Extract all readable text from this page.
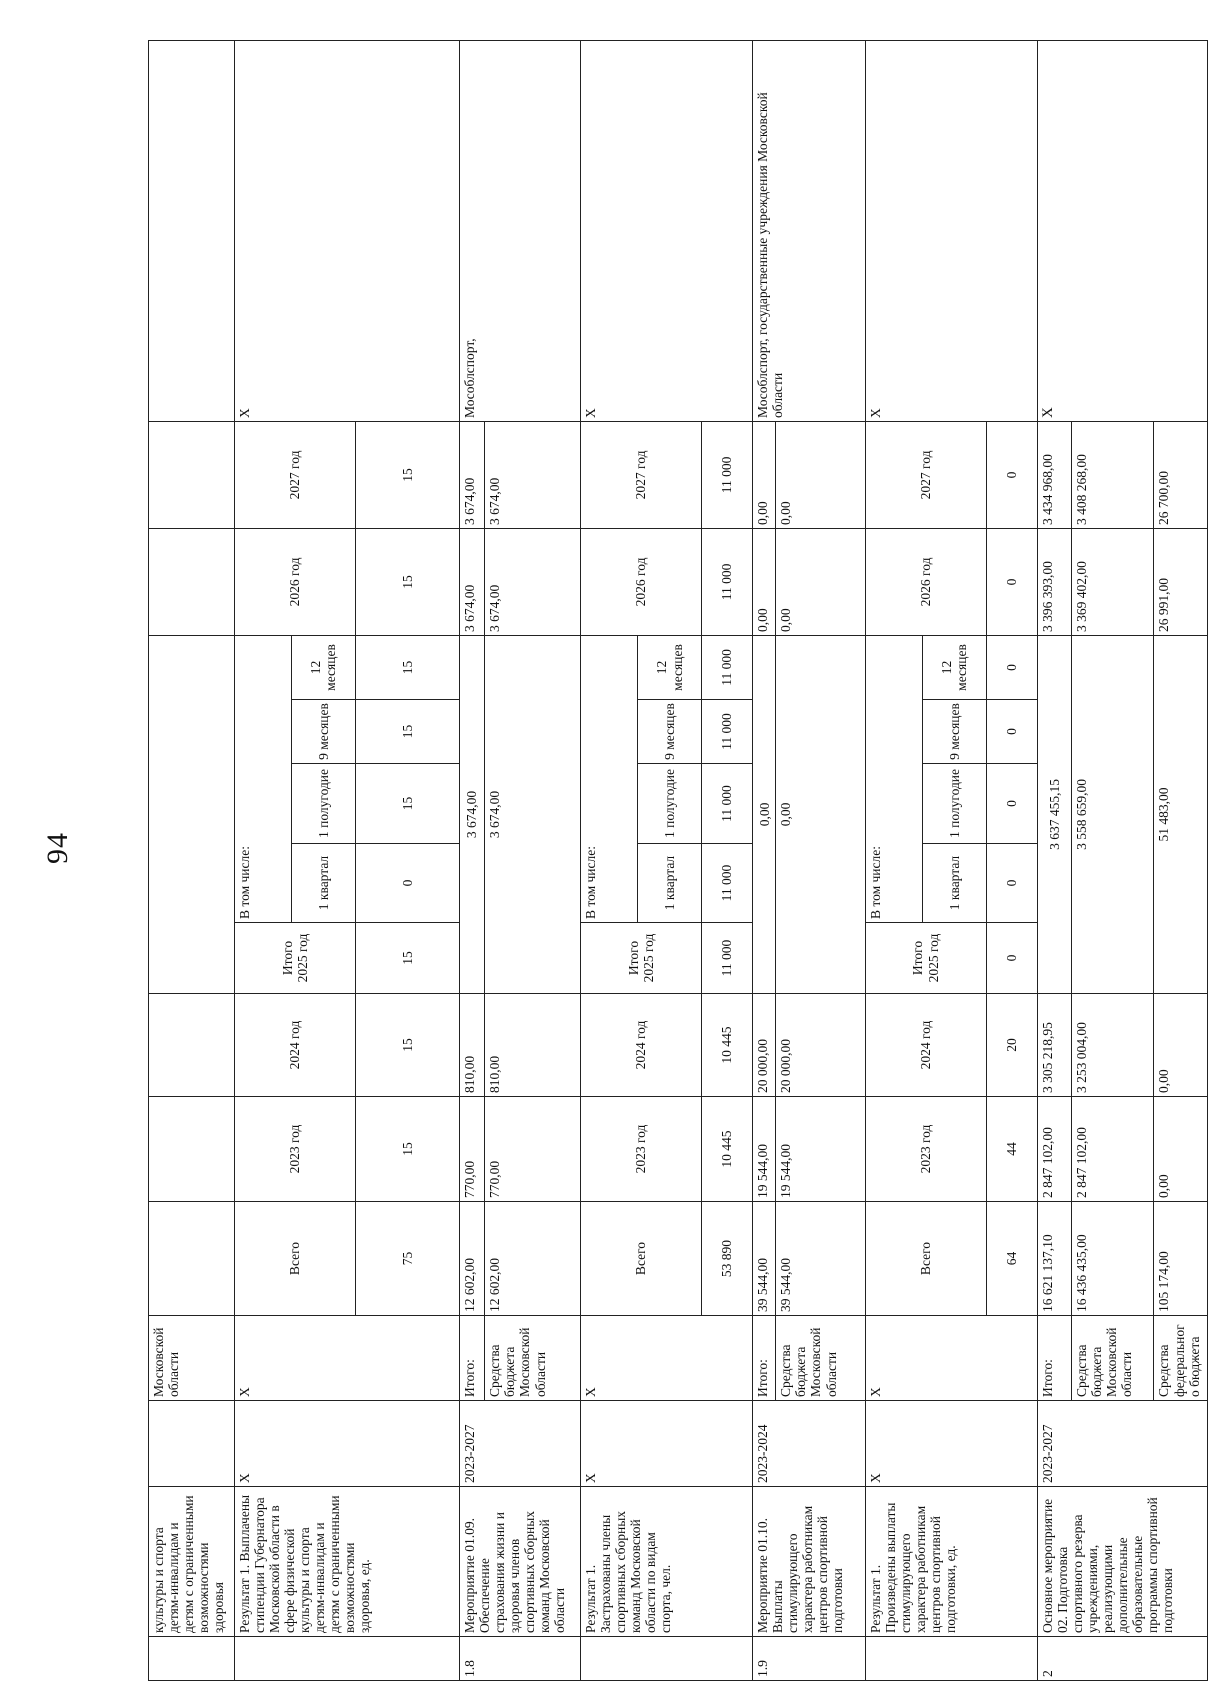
94
	культуры и спорта детям-инвалидам и детям с ограниченными возможностями здоровья		Московской области											
	Результат 1. Выплачены стипендии Губернатора Московской области в сфере физической культуры и спорта детям-инвалидам и детям с ограниченными возможностями здоровья, ед.	X	X	Всего	2023 год	2024 год	Итого 2025 год	В том числе:				2026 год	2027 год	X
								1 квартал	1 полугодие	9 месяцев	12 месяцев			
				75	15	15	15	0	15	15	15	15	15	
1.8	Мероприятие 01.09. Обеспечение страхования жизни и здоровья членов спортивных сборных команд Московской области	2023-2027	Итого:	12 602,00	770,00	810,00	3 674,00					3 674,00	3 674,00	Мособлспорт,
			Средства бюджета Московской области	12 602,00	770,00	810,00	3 674,00					3 674,00	3 674,00	
	Результат 1. Застрахованы члены спортивных сборных команд Московской области по видам спорта, чел.	X	X	Всего	2023 год	2024 год	Итого 2025 год	В том числе:				2026 год	2027 год	X
								1 квартал	1 полугодие	9 месяцев	12 месяцев			
				53 890	10 445	10 445	11 000	11 000	11 000	11 000	11 000	11 000	11 000	
1.9	Мероприятие 01.10. Выплаты стимулирующего характера работникам центров спортивной подготовки	2023-2024	Итого:	39 544,00	19 544,00	20 000,00	0,00					0,00	0,00	Мособлспорт, государственные учреждения Московской области
			Средства бюджета Московской области	39 544,00	19 544,00	20 000,00	0,00					0,00	0,00	
	Результат 1. Произведены выплаты стимулирующего характера работникам центров спортивной подготовки, ед.	X	X	Всего	2023 год	2024 год	Итого 2025 год	В том числе:				2026 год	2027 год	X
								1 квартал	1 полугодие	9 месяцев	12 месяцев			
				64	44	20	0	0	0	0	0	0	0	
2	Основное мероприятие 02. Подготовка спортивного резерва учреждениями, реализующими дополнительные образовательные программы спортивной подготовки	2023-2027	Итого:	16 621 137,10	2 847 102,00	3 305 218,95	3 637 455,15					3 396 393,00	3 434 968,00	X
			Средства бюджета Московской области	16 436 435,00	2 847 102,00	3 253 004,00	3 558 659,00					3 369 402,00	3 408 268,00	
			Средства федерального бюджета	105 174,00	0,00	0,00	51 483,00					26 991,00	26 700,00	
